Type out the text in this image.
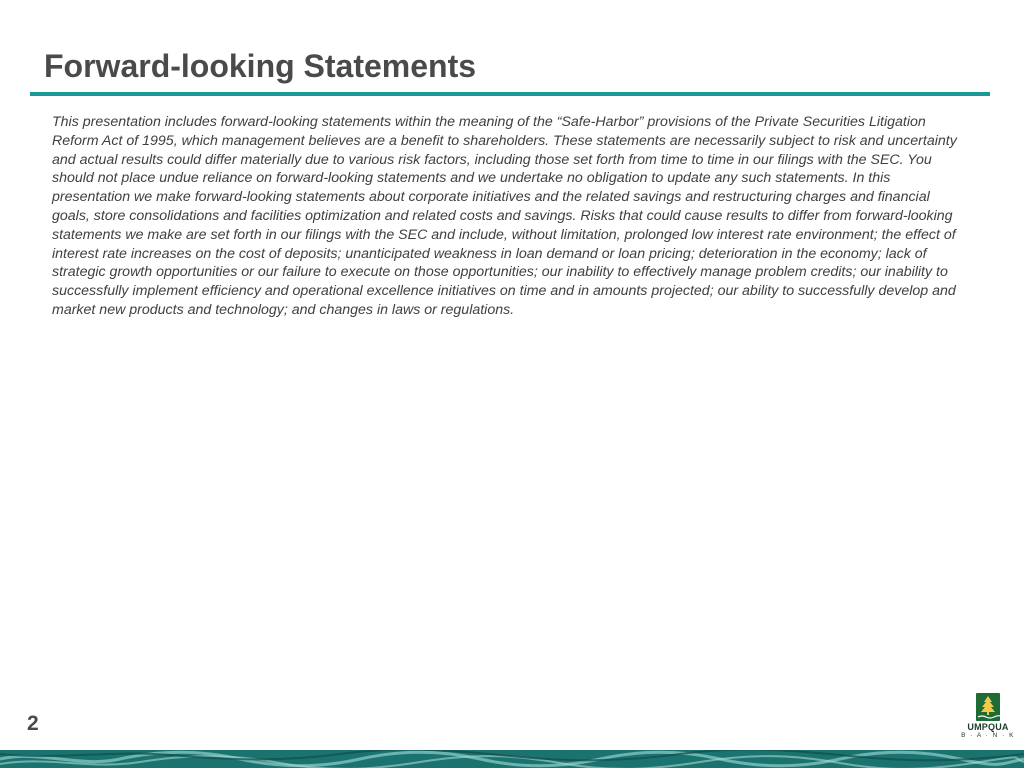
Forward-looking Statements

This presentation includes forward-looking statements within the meaning of the “Safe-Harbor” provisions of the Private Securities Litigation Reform Act of 1995, which management believes are a benefit to shareholders. These statements are necessarily subject to risk and uncertainty and actual results could differ materially due to various risk factors, including those set forth from time to time in our filings with the SEC. You should not place undue reliance on forward-looking statements and we undertake no obligation to update any such statements. In this presentation we make forward-looking statements about corporate initiatives and the related savings and restructuring charges and financial goals, store consolidations and facilities optimization and related costs and savings. Risks that could cause results to differ from forward-looking statements we make are set forth in our filings with the SEC and include, without limitation, prolonged low interest rate environment; the effect of interest rate increases on the cost of deposits; unanticipated weakness in loan demand or loan pricing; deterioration in the economy; lack of strategic growth opportunities or our failure to execute on those opportunities; our inability to effectively manage problem credits; our inability to successfully implement efficiency and operational excellence initiatives on time and in amounts projected; our ability to successfully develop and market new products and technology; and changes in laws or regulations.

2	UMPQUA
B · A · N · K
